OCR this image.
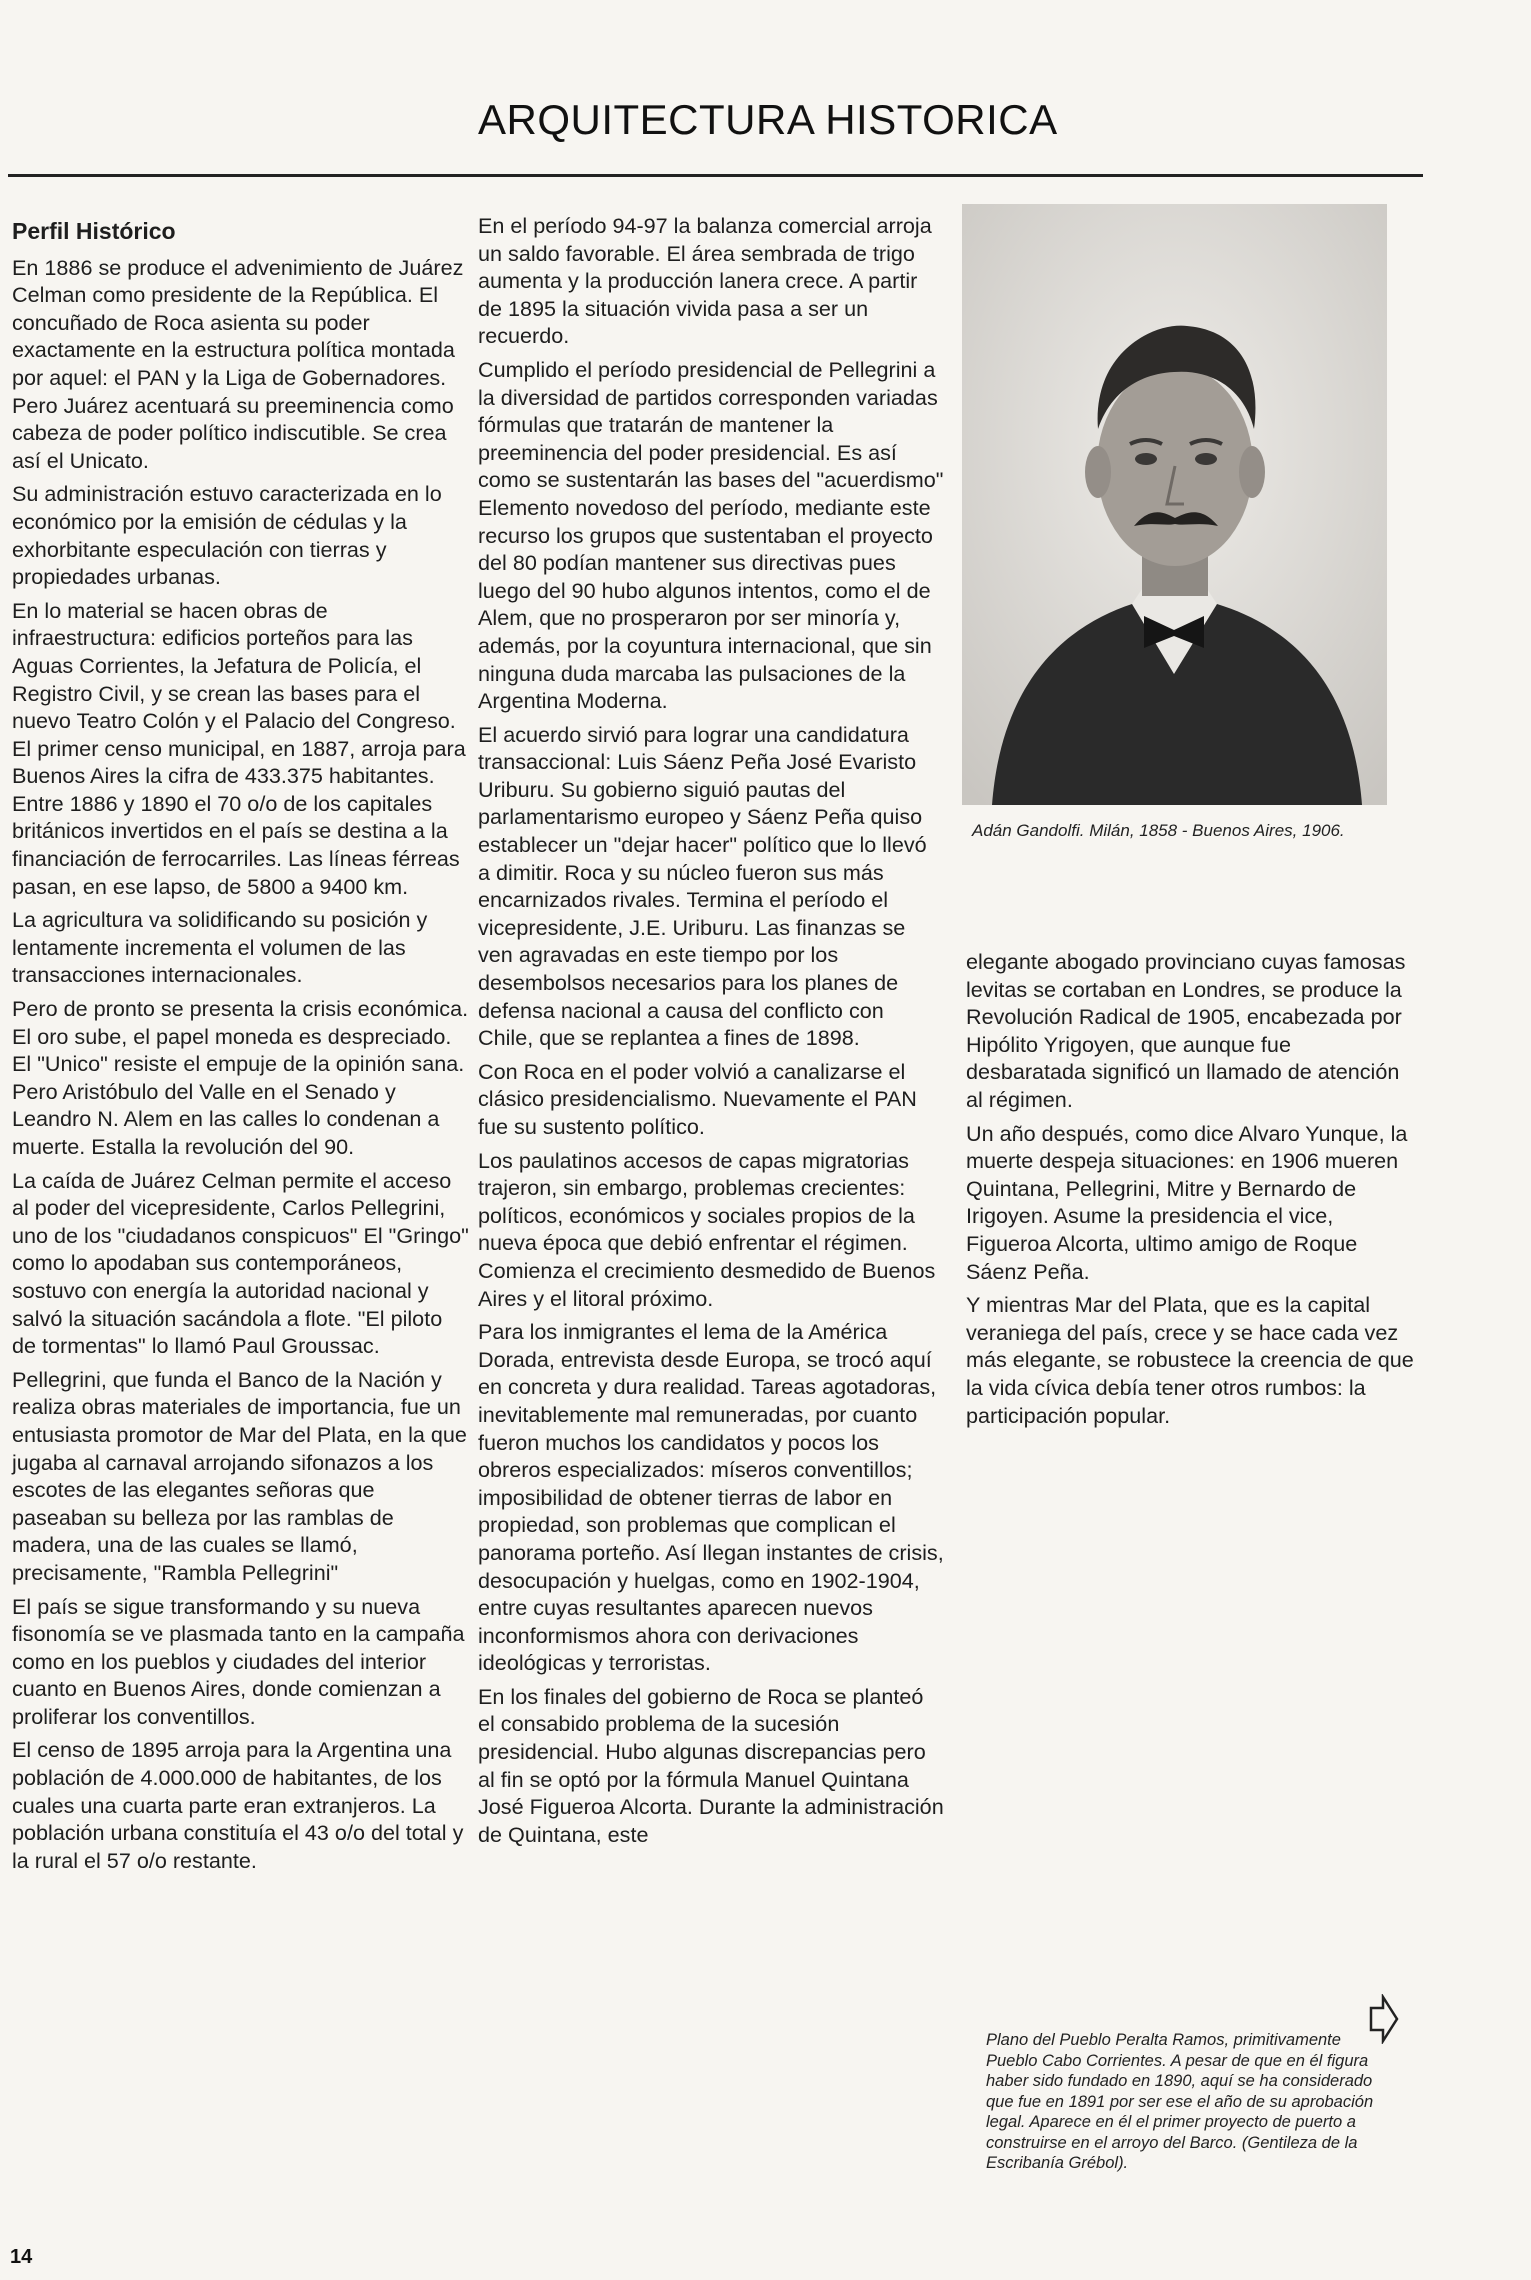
ARQUITECTURA HISTORICA
Perfil Histórico

En 1886 se produce el advenimiento de Juárez Celman como presidente de la República. El concuñado de Roca asienta su poder exactamente en la estructura política montada por aquel: el PAN y la Liga de Gobernadores. Pero Juárez acentuará su preeminencia como cabeza de poder político indiscutible. Se crea así el Unicato.

Su administración estuvo caracterizada en lo económico por la emisión de cédulas y la exhorbitante especulación con tierras y propiedades urbanas.

En lo material se hacen obras de infraestructura: edificios porteños para las Aguas Corrientes, la Jefatura de Policía, el Registro Civil, y se crean las bases para el nuevo Teatro Colón y el Palacio del Congreso. El primer censo municipal, en 1887, arroja para Buenos Aires la cifra de 433.375 habitantes. Entre 1886 y 1890 el 70 o/o de los capitales británicos invertidos en el país se destina a la financiación de ferrocarriles. Las líneas férreas pasan, en ese lapso, de 5800 a 9400 km.

La agricultura va solidificando su posición y lentamente incrementa el volumen de las transacciones internacionales.

Pero de pronto se presenta la crisis económica. El oro sube, el papel moneda es despreciado. El "Unico" resiste el empuje de la opinión sana. Pero Aristóbulo del Valle en el Senado y Leandro N. Alem en las calles lo condenan a muerte. Estalla la revolución del 90.

La caída de Juárez Celman permite el acceso al poder del vicepresidente, Carlos Pellegrini, uno de los "ciudadanos conspicuos" El "Gringo" como lo apodaban sus contemporáneos, sostuvo con energía la autoridad nacional y salvó la situación sacándola a flote. "El piloto de tormentas" lo llamó Paul Groussac.

Pellegrini, que funda el Banco de la Nación y realiza obras materiales de importancia, fue un entusiasta promotor de Mar del Plata, en la que jugaba al carnaval arrojando sifonazos a los escotes de las elegantes señoras que paseaban su belleza por las ramblas de madera, una de las cuales se llamó, precisamente, "Rambla Pellegrini"

El país se sigue transformando y su nueva fisonomía se ve plasmada tanto en la campaña como en los pueblos y ciudades del interior cuanto en Buenos Aires, donde comienzan a proliferar los conventillos.

El censo de 1895 arroja para la Argentina una población de 4.000.000 de habitantes, de los cuales una cuarta parte eran extranjeros. La población urbana constituía el 43 o/o del total y la rural el 57 o/o restante.

En el período 94-97 la balanza comercial arroja un saldo favorable. El área sembrada de trigo aumenta y la producción lanera crece. A partir de 1895 la situación vivida pasa a ser un recuerdo.

Cumplido el período presidencial de Pellegrini a la diversidad de partidos corresponden variadas fórmulas que tratarán de mantener la preeminencia del poder presidencial. Es así como se sustentarán las bases del "acuerdismo" Elemento novedoso del período, mediante este recurso los grupos que sustentaban el proyecto del 80 podían mantener sus directivas pues luego del 90 hubo algunos intentos, como el de Alem, que no prosperaron por ser minoría y, además, por la coyuntura internacional, que sin ninguna duda marcaba las pulsaciones de la Argentina Moderna.

El acuerdo sirvió para lograr una candidatura transaccional: Luis Sáenz Peña José Evaristo Uriburu. Su gobierno siguió pautas del parlamentarismo europeo y Sáenz Peña quiso establecer un "dejar hacer" político que lo llevó a dimitir. Roca y su núcleo fueron sus más encarnizados rivales. Termina el período el vicepresidente, J.E. Uriburu. Las finanzas se ven agravadas en este tiempo por los desembolsos necesarios para los planes de defensa nacional a causa del conflicto con Chile, que se replantea a fines de 1898.

Con Roca en el poder volvió a canalizarse el clásico presidencialismo. Nuevamente el PAN fue su sustento político.

Los paulatinos accesos de capas migratorias trajeron, sin embargo, problemas crecientes: políticos, económicos y sociales propios de la nueva época que debió enfrentar el régimen. Comienza el crecimiento desmedido de Buenos Aires y el litoral próximo.

Para los inmigrantes el lema de la América Dorada, entrevista desde Europa, se trocó aquí en concreta y dura realidad. Tareas agotadoras, inevitablemente mal remuneradas, por cuanto fueron muchos los candidatos y pocos los obreros especializados: míseros conventillos; imposibilidad de obtener tierras de labor en propiedad, son problemas que complican el panorama porteño. Así llegan instantes de crisis, desocupación y huelgas, como en 1902-1904, entre cuyas resultantes aparecen nuevos inconformismos ahora con derivaciones ideológicas y terroristas.

En los finales del gobierno de Roca se planteó el consabido problema de la sucesión presidencial. Hubo algunas discrepancias pero al fin se optó por la fórmula Manuel Quintana José Figueroa Alcorta. Durante la administración de Quintana, este

Adán Gandolfi. Milán, 1858 - Buenos Aires, 1906.

elegante abogado provinciano cuyas famosas levitas se cortaban en Londres, se produce la Revolución Radical de 1905, encabezada por Hipólito Yrigoyen, que aunque fue desbaratada significó un llamado de atención al régimen.

Un año después, como dice Alvaro Yunque, la muerte despeja situaciones: en 1906 mueren Quintana, Pellegrini, Mitre y Bernardo de Irigoyen. Asume la presidencia el vice, Figueroa Alcorta, ultimo amigo de Roque Sáenz Peña.

Y mientras Mar del Plata, que es la capital veraniega del país, crece y se hace cada vez más elegante, se robustece la creencia de que la vida cívica debía tener otros rumbos: la participación popular.

Plano del Pueblo Peralta Ramos, primitivamente Pueblo Cabo Corrientes. A pesar de que en él figura haber sido fundado en 1890, aquí se ha considerado que fue en 1891 por ser ese el año de su aprobación legal. Aparece en él el primer proyecto de puerto a construirse en el arroyo del Barco. (Gentileza de la Escribanía Grébol).
14
